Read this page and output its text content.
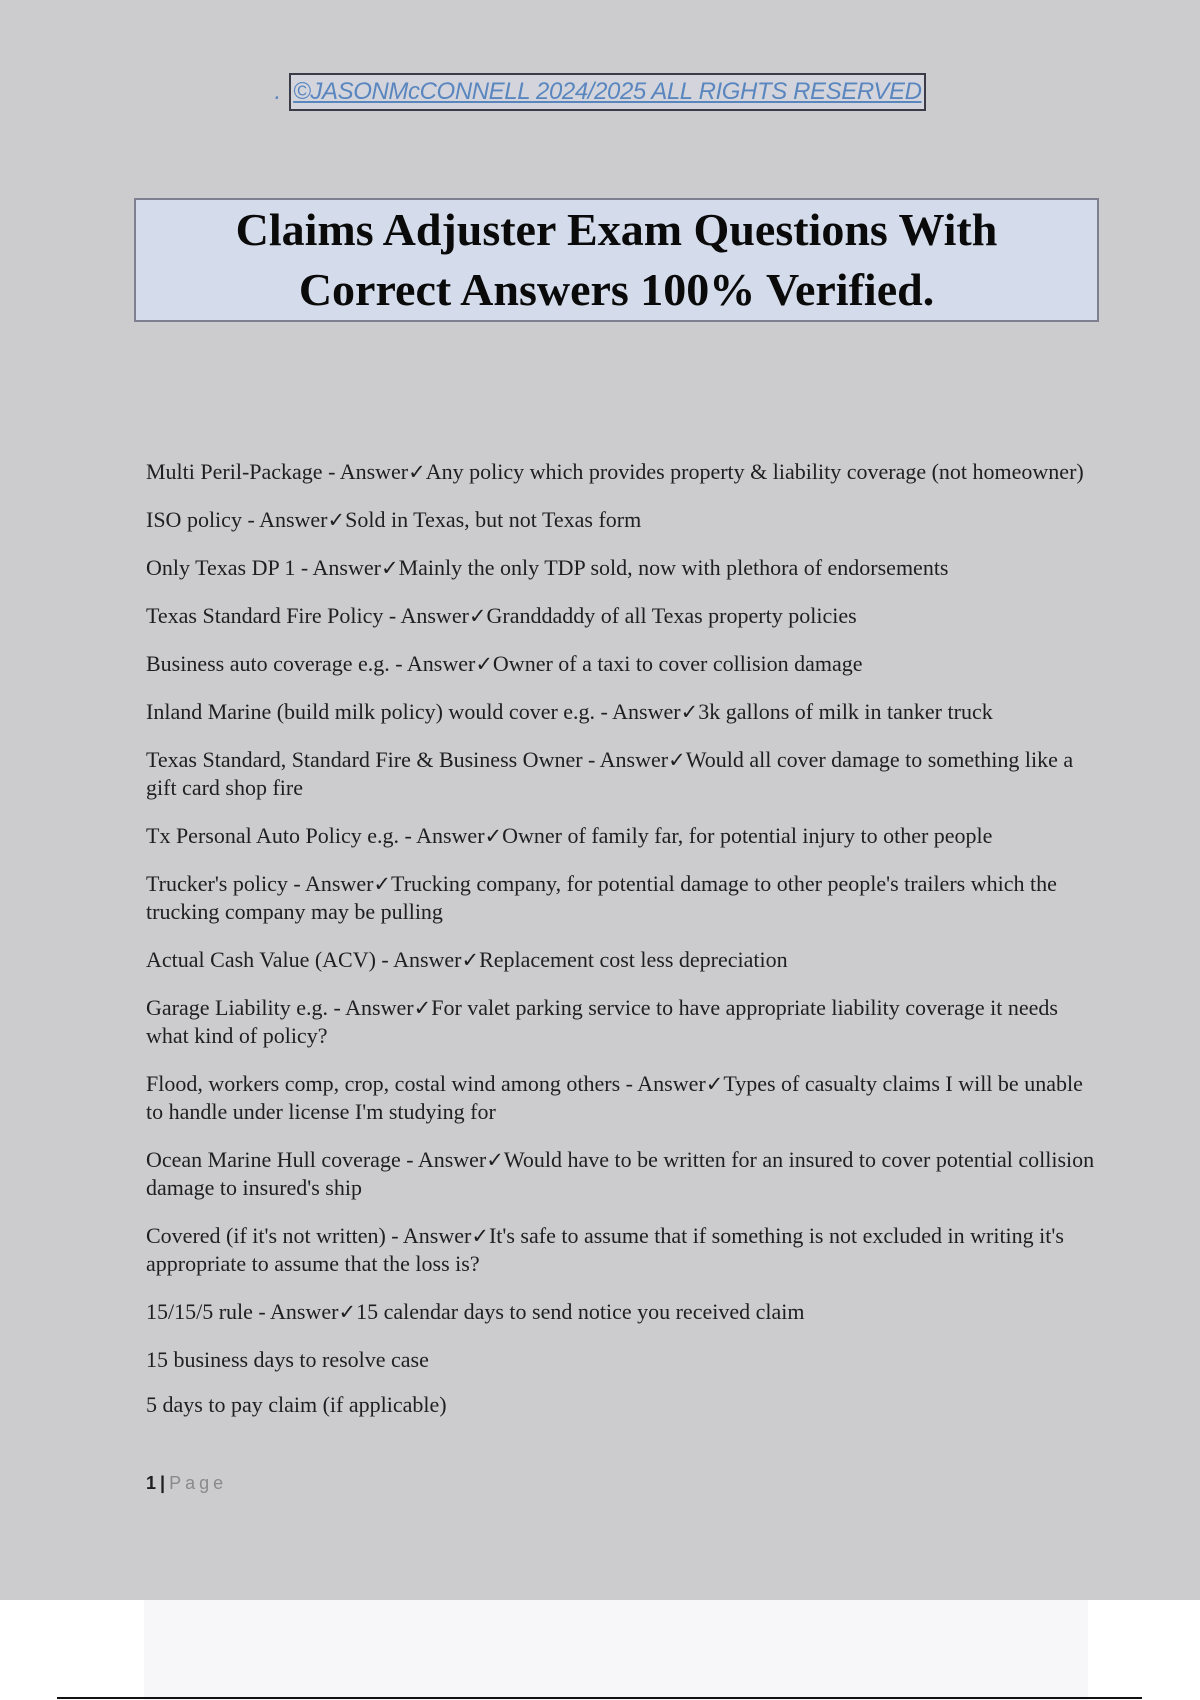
. ©JASONMcCONNELL 2024/2025 ALL RIGHTS RESERVED
Claims Adjuster Exam Questions With
Correct Answers 100% Verified.

Multi Peril-Package - Answer✓Any policy which provides property & liability coverage (not homeowner)

ISO policy - Answer✓Sold in Texas, but not Texas form

Only Texas DP 1 - Answer✓Mainly the only TDP sold, now with plethora of endorsements

Texas Standard Fire Policy - Answer✓Granddaddy of all Texas property policies

Business auto coverage e.g. - Answer✓Owner of a taxi to cover collision damage

Inland Marine (build milk policy) would cover e.g. - Answer✓3k gallons of milk in tanker truck

Texas Standard, Standard Fire & Business Owner - Answer✓Would all cover damage to something like a gift card shop fire

Tx Personal Auto Policy e.g. - Answer✓Owner of family far, for potential injury to other people

Trucker's policy - Answer✓Trucking company, for potential damage to other people's trailers which the trucking company may be pulling

Actual Cash Value (ACV) - Answer✓Replacement cost less depreciation

Garage Liability e.g. - Answer✓For valet parking service to have appropriate liability coverage it needs what kind of policy?

Flood, workers comp, crop, costal wind among others - Answer✓Types of casualty claims I will be unable to handle under license I'm studying for

Ocean Marine Hull coverage - Answer✓Would have to be written for an insured to cover potential collision damage to insured's ship

Covered (if it's not written) - Answer✓It's safe to assume that if something is not excluded in writing it's appropriate to assume that the loss is?

15/15/5 rule - Answer✓15 calendar days to send notice you received claim

15 business days to resolve case

5 days to pay claim (if applicable)

1 | Page
